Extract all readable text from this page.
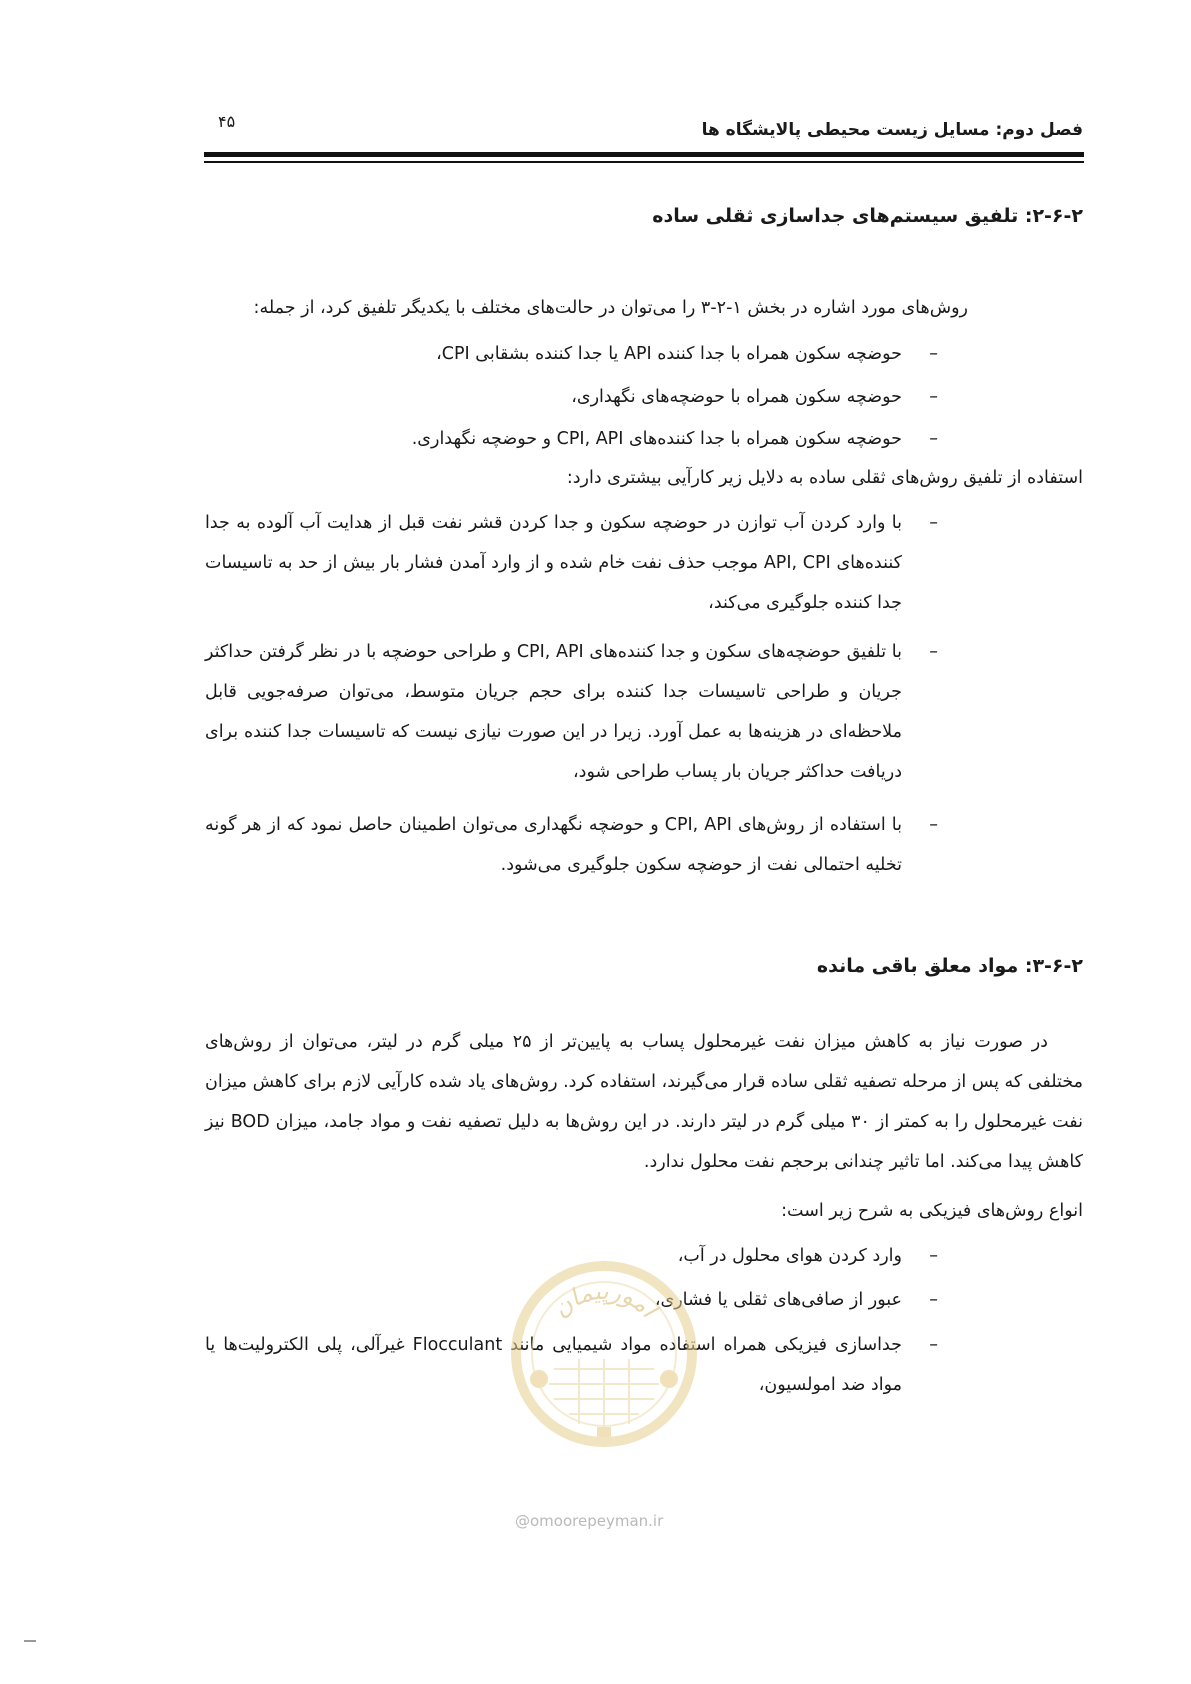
فصل دوم: مسایل زیست محیطی پالایشگاه ها
۴۵
۲-۶-۲: تلفیق سیستم‌های جداسازی ثقلی ساده
روش‌های مورد اشاره در بخش ۱-۲-۳ را می‌توان در حالت‌های مختلف با یکدیگر تلفیق کرد، از جمله:
–
حوضچه سکون همراه با جدا کننده API یا جدا کننده بشقابی CPI،
–
حوضچه سکون همراه با حوضچه‌های نگهداری،
–
حوضچه سکون همراه با جدا کننده‌های CPI, API و حوضچه نگهداری.
استفاده از تلفیق روش‌های ثقلی ساده به دلایل زیر کارآیی بیشتری دارد:
–
با وارد کردن آب توازن در حوضچه سکون و جدا کردن قشر نفت قبل از هدایت آب آلوده به جدا کننده‌های API, CPI موجب حذف نفت خام شده و از وارد آمدن فشار بار بیش از حد به تاسیسات جدا کننده جلوگیری می‌کند،
–
با تلفیق حوضچه‌های سکون و جدا کننده‌های CPI, API و طراحی حوضچه با در نظر گرفتن حداکثر جریان و طراحی تاسیسات جدا کننده برای حجم جریان متوسط، می‌توان صرفه‌جویی قابل ملاحظه‌ای در هزینه‌ها به عمل آورد. زیرا در این صورت نیازی نیست که تاسیسات جدا کننده برای دریافت حداکثر جریان بار پساب طراحی شود،
–
با استفاده از روش‌های CPI, API و حوضچه نگهداری می‌توان اطمینان حاصل نمود که از هر گونه تخلیه احتمالی نفت از حوضچه سکون جلوگیری می‌شود.
۳-۶-۲: مواد معلق باقی مانده
در صورت نیاز به کاهش میزان نفت غیرمحلول پساب به پایین‌تر از ۲۵ میلی گرم در لیتر، می‌توان از روش‌های مختلفی که پس از مرحله تصفیه ثقلی ساده قرار می‌گیرند، استفاده کرد. روش‌های یاد شده کارآیی لازم برای کاهش میزان نفت غیرمحلول را به کمتر از ۳۰ میلی گرم در لیتر دارند. در این روش‌ها به دلیل تصفیه نفت و مواد جامد، میزان BOD نیز کاهش پیدا می‌کند. اما تاثیر چندانی برحجم نفت محلول ندارد.
انواع روش‌های فیزیکی به شرح زیر است:
–
وارد کردن هوای محلول در آب،
–
عبور از صافی‌های ثقلی یا فشاری،
–
جداسازی فیزیکی همراه استفاده مواد شیمیایی مانند Flocculant غیرآلی، پلی الکترولیت‌ها یا مواد ضد امولسیون،
امورپیمان
@omoorepeyman.ir
